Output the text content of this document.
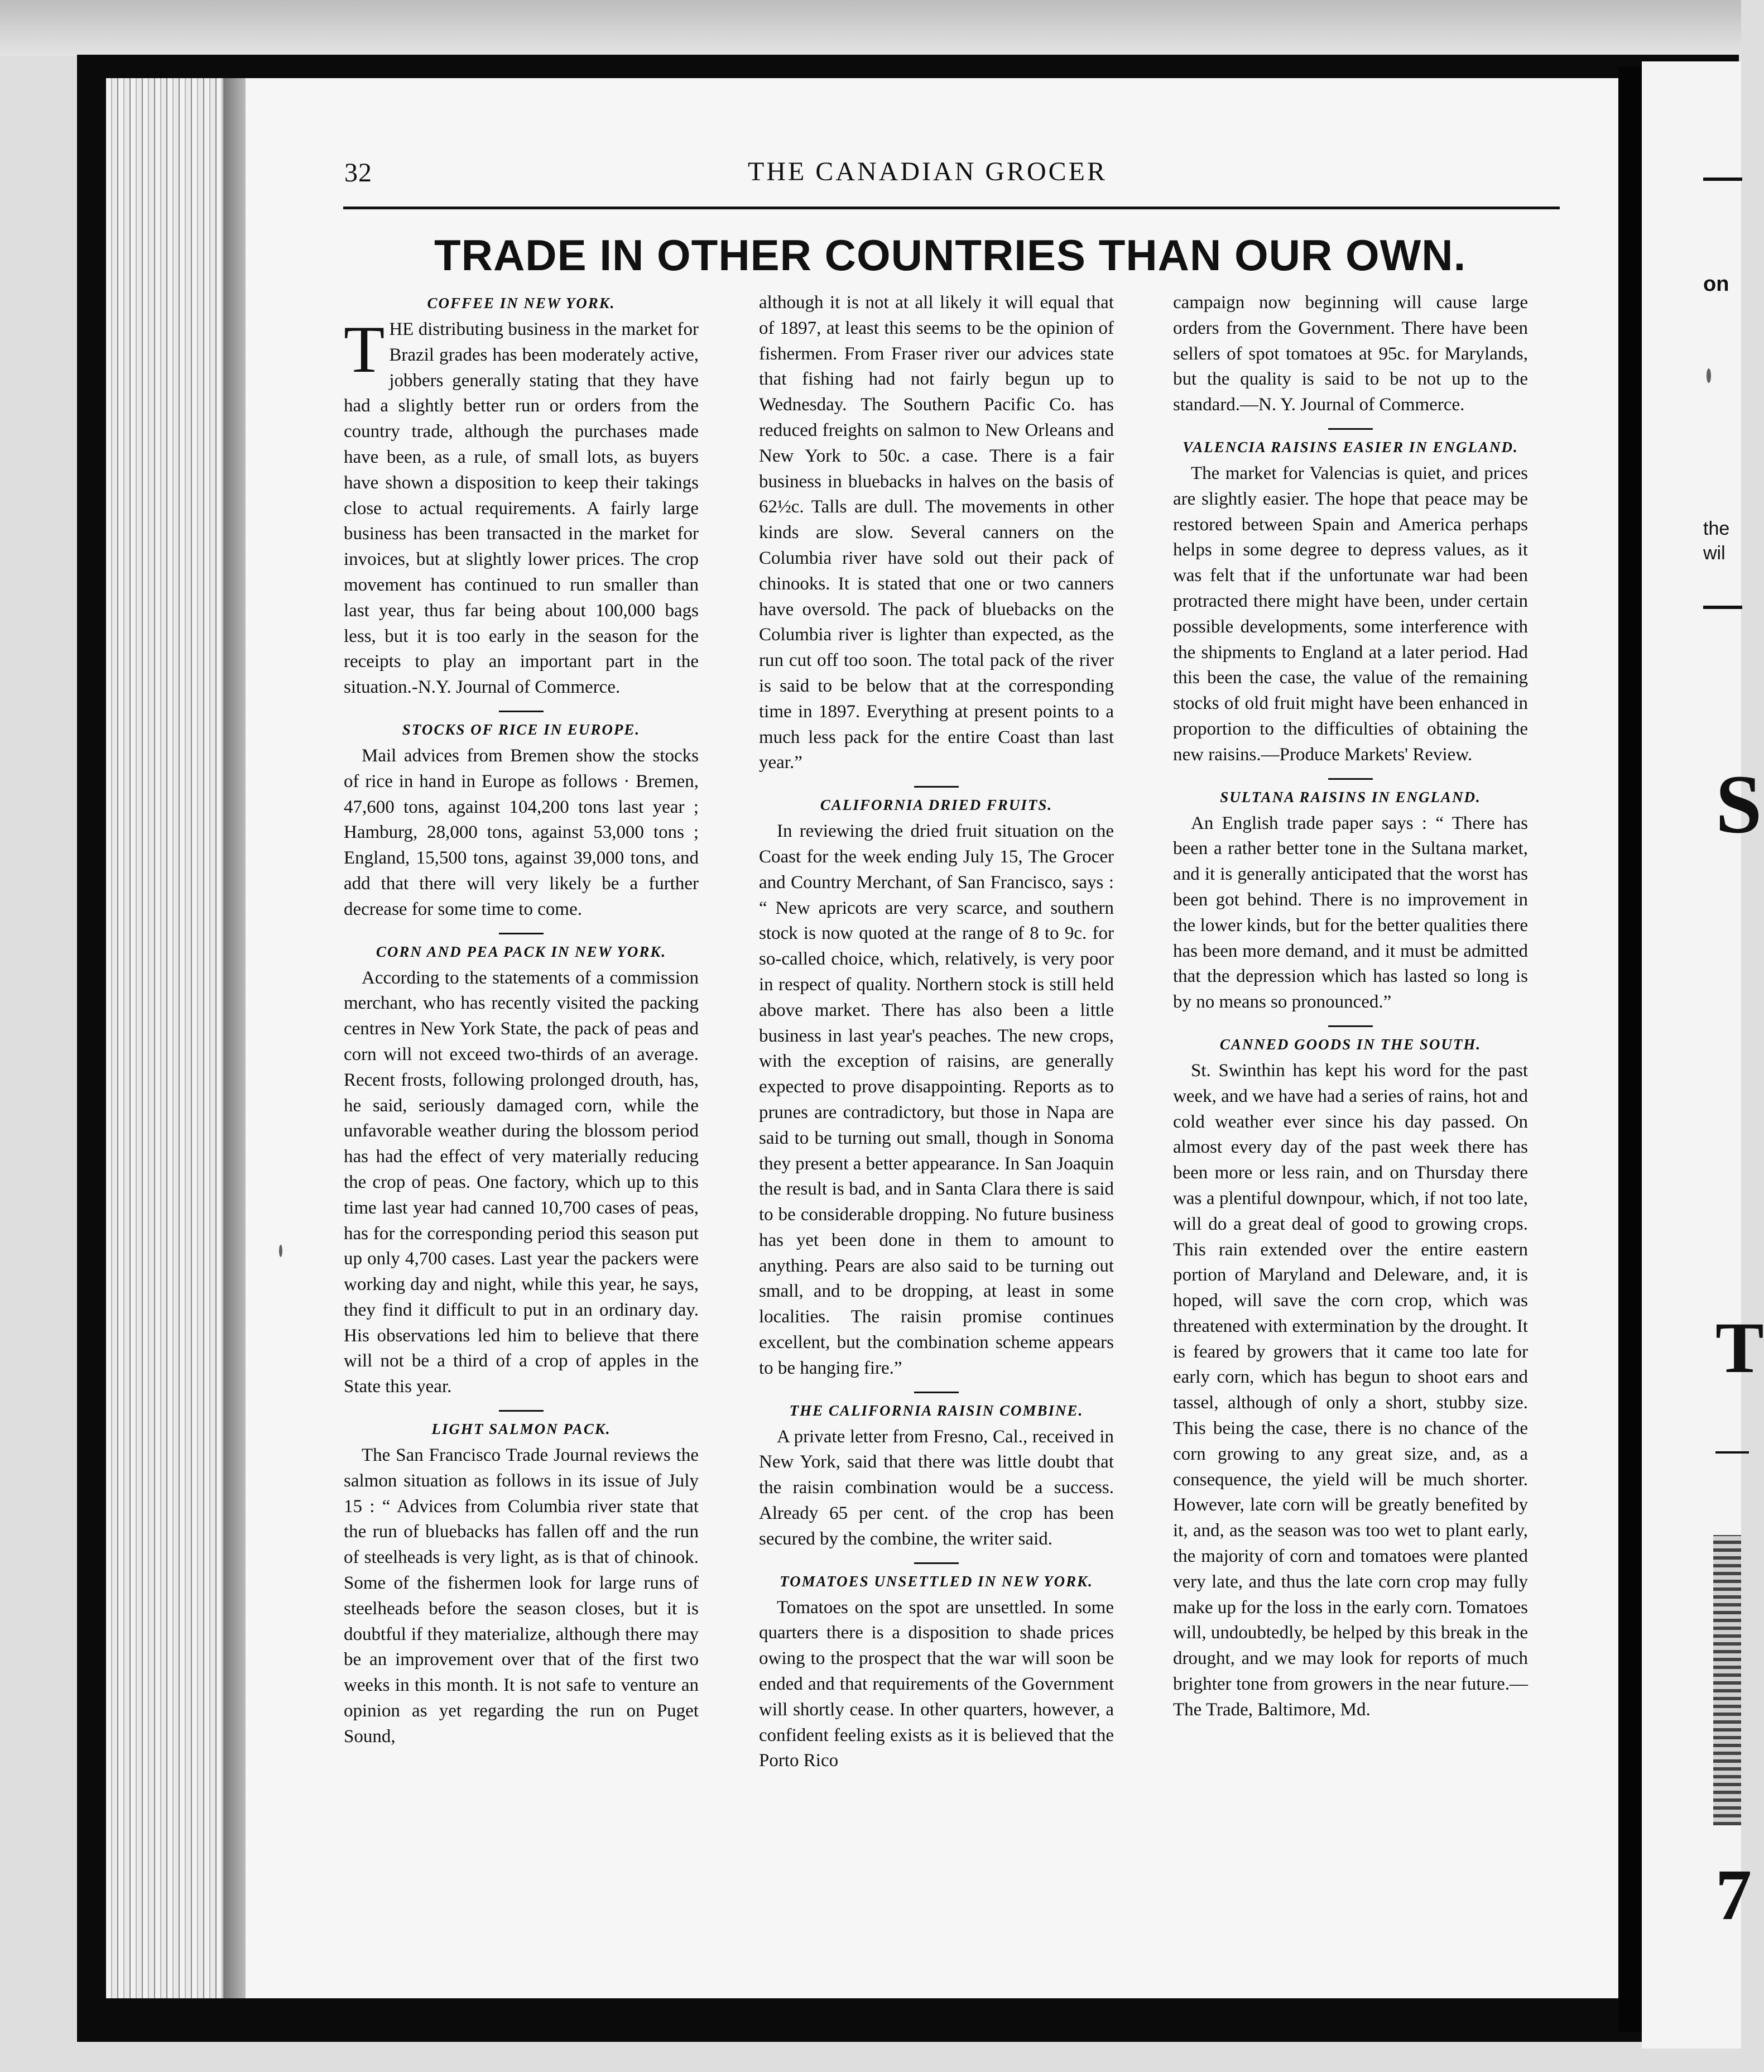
on
the
wil
S
T
7
32	THE CANADIAN GROCER
TRADE IN OTHER COUNTRIES THAN OUR OWN.
COFFEE IN NEW YORK.

THE distributing business in the market for Brazil grades has been moderately active, jobbers generally stating that they have had a slightly better run or orders from the country trade, although the purchases made have been, as a rule, of small lots, as buyers have shown a disposition to keep their takings close to actual requirements. A fairly large business has been transacted in the market for invoices, but at slightly lower prices. The crop movement has continued to run smaller than last year, thus far being about 100,000 bags less, but it is too early in the season for the receipts to play an important part in the situation.-N.Y. Journal of Commerce.

STOCKS OF RICE IN EUROPE.

Mail advices from Bremen show the stocks of rice in hand in Europe as follows · Bremen, 47,600 tons, against 104,200 tons last year ; Hamburg, 28,000 tons, against 53,000 tons ; England, 15,500 tons, against 39,000 tons, and add that there will very likely be a further decrease for some time to come.

CORN AND PEA PACK IN NEW YORK.

According to the statements of a commission merchant, who has recently visited the packing centres in New York State, the pack of peas and corn will not exceed two-thirds of an average. Recent frosts, following prolonged drouth, has, he said, seriously damaged corn, while the unfavorable weather during the blossom period has had the effect of very materially reducing the crop of peas. One factory, which up to this time last year had canned 10,700 cases of peas, has for the corresponding period this season put up only 4,700 cases. Last year the packers were working day and night, while this year, he says, they find it difficult to put in an ordinary day. His observations led him to believe that there will not be a third of a crop of apples in the State this year.

LIGHT SALMON PACK.

The San Francisco Trade Journal reviews the salmon situation as follows in its issue of July 15 : “ Advices from Columbia river state that the run of bluebacks has fallen off and the run of steelheads is very light, as is that of chinook. Some of the fishermen look for large runs of steelheads before the season closes, but it is doubtful if they materialize, although there may be an improvement over that of the first two weeks in this month. It is not safe to venture an opinion as yet regarding the run on Puget Sound,

although it is not at all likely it will equal that of 1897, at least this seems to be the opinion of fishermen. From Fraser river our advices state that fishing had not fairly begun up to Wednesday. The Southern Pacific Co. has reduced freights on salmon to New Orleans and New York to 50c. a case. There is a fair business in bluebacks in halves on the basis of 62½c. Talls are dull. The movements in other kinds are slow. Several canners on the Columbia river have sold out their pack of chinooks. It is stated that one or two canners have oversold. The pack of bluebacks on the Columbia river is lighter than expected, as the run cut off too soon. The total pack of the river is said to be below that at the corresponding time in 1897. Everything at present points to a much less pack for the entire Coast than last year.”

CALIFORNIA DRIED FRUITS.

In reviewing the dried fruit situation on the Coast for the week ending July 15, The Grocer and Country Merchant, of San Francisco, says : “ New apricots are very scarce, and southern stock is now quoted at the range of 8 to 9c. for so-called choice, which, relatively, is very poor in respect of quality. Northern stock is still held above market. There has also been a little business in last year's peaches. The new crops, with the exception of raisins, are generally expected to prove disappointing. Reports as to prunes are contradictory, but those in Napa are said to be turning out small, though in Sonoma they present a better appearance. In San Joaquin the result is bad, and in Santa Clara there is said to be considerable dropping. No future business has yet been done in them to amount to anything. Pears are also said to be turning out small, and to be dropping, at least in some localities. The raisin promise continues excellent, but the combination scheme appears to be hanging fire.”

THE CALIFORNIA RAISIN COMBINE.

A private letter from Fresno, Cal., received in New York, said that there was little doubt that the raisin combination would be a success. Already 65 per cent. of the crop has been secured by the combine, the writer said.

TOMATOES UNSETTLED IN NEW YORK.

Tomatoes on the spot are unsettled. In some quarters there is a disposition to shade prices owing to the prospect that the war will soon be ended and that requirements of the Government will shortly cease. In other quarters, however, a confident feeling exists as it is believed that the Porto Rico

campaign now beginning will cause large orders from the Government. There have been sellers of spot tomatoes at 95c. for Marylands, but the quality is said to be not up to the standard.—N. Y. Journal of Commerce.

VALENCIA RAISINS EASIER IN ENGLAND.

The market for Valencias is quiet, and prices are slightly easier. The hope that peace may be restored between Spain and America perhaps helps in some degree to depress values, as it was felt that if the unfortunate war had been protracted there might have been, under certain possible developments, some interference with the shipments to England at a later period. Had this been the case, the value of the remaining stocks of old fruit might have been enhanced in proportion to the difficulties of obtaining the new raisins.—Produce Markets' Review.

SULTANA RAISINS IN ENGLAND.

An English trade paper says : “ There has been a rather better tone in the Sultana market, and it is generally anticipated that the worst has been got behind. There is no improvement in the lower kinds, but for the better qualities there has been more demand, and it must be admitted that the depression which has lasted so long is by no means so pronounced.”

CANNED GOODS IN THE SOUTH.

St. Swinthin has kept his word for the past week, and we have had a series of rains, hot and cold weather ever since his day passed. On almost every day of the past week there has been more or less rain, and on Thursday there was a plentiful downpour, which, if not too late, will do a great deal of good to growing crops. This rain extended over the entire eastern portion of Maryland and Deleware, and, it is hoped, will save the corn crop, which was threatened with extermination by the drought. It is feared by growers that it came too late for early corn, which has begun to shoot ears and tassel, although of only a short, stubby size. This being the case, there is no chance of the corn growing to any great size, and, as a consequence, the yield will be much shorter. However, late corn will be greatly benefited by it, and, as the season was too wet to plant early, the majority of corn and tomatoes were planted very late, and thus the late corn crop may fully make up for the loss in the early corn. Tomatoes will, undoubtedly, be helped by this break in the drought, and we may look for reports of much brighter tone from growers in the near future.—The Trade, Baltimore, Md.
